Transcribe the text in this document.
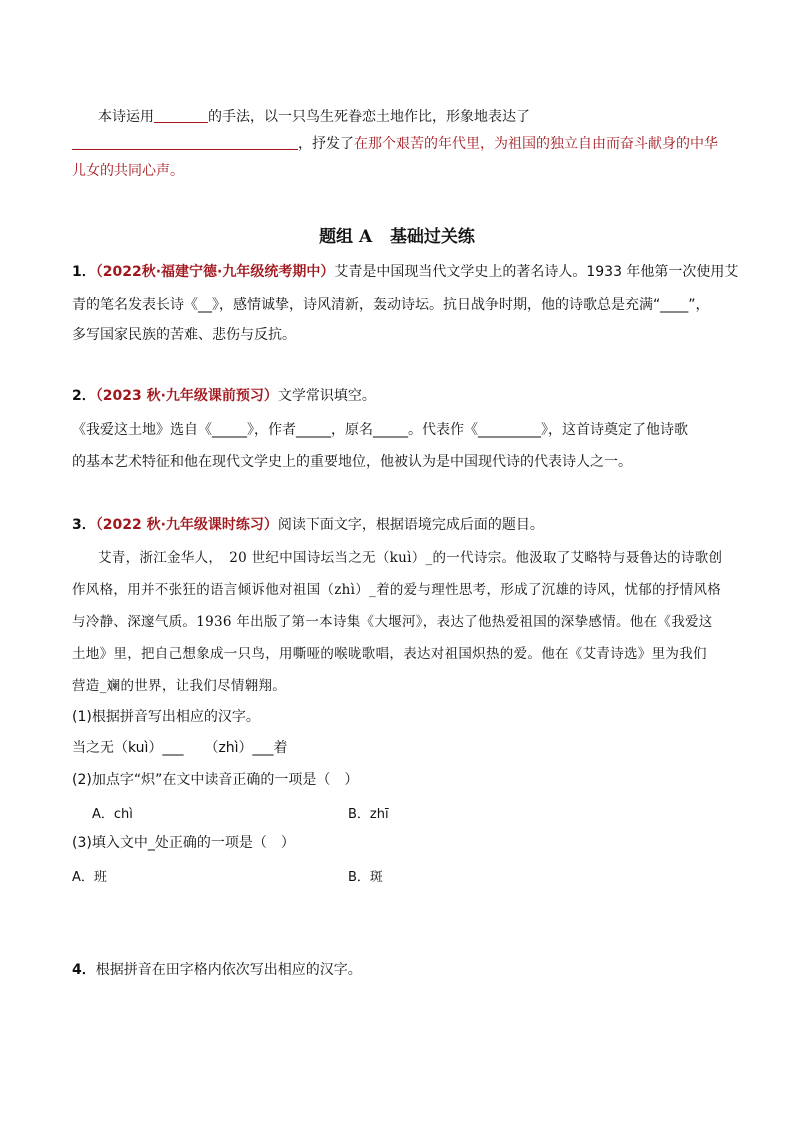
本诗运用	的手法，以一只鸟生死眷恋土地作比，形象地表达了
，抒发了在那个艰苦的年代里，为祖国的独立自由而奋斗献身的中华
儿女的共同心声。
题组 A 基础过关练
1．（2022秋·福建宁德·九年级统考期中）艾青是中国现当代文学史上的著名诗人。1933 年他第一次使用艾
青的笔名发表长诗《__》，感情诚挚，诗风清新，轰动诗坛。抗日战争时期，他的诗歌总是充满“____”，
多写国家民族的苦难、悲伤与反抗。
2．（2023 秋·九年级课前预习）文学常识填空。
《我爱这土地》选自《_____》，作者_____，原名_____。代表作《_________》，这首诗奠定了他诗歌
的基本艺术特征和他在现代文学史上的重要地位，他被认为是中国现代诗的代表诗人之一。
3．（2022 秋·九年级课时练习）阅读下面文字，根据语境完成后面的题目。
艾青，浙江金华人，　20 世纪中国诗坛当之无（kuì）_的一代诗宗。他汲取了艾略特与聂鲁达的诗歌创
作风格，用并不张狂的语言倾诉他对祖国（zhì）_着的爱与理性思考，形成了沉雄的诗风，忧郁的抒情风格
与冷静、深邃气质。1936 年出版了第一本诗集《大堰河》，表达了他热爱祖国的深挚感情。他在《我爱这
土地》里，把自己想象成一只鸟，用嘶哑的喉咙歌唱，表达对祖国炽热的爱。他在《艾青诗选》里为我们
营造_斓的世界，让我们尽情翱翔。
(1)根据拼音写出相应的汉字。
当之无（kuì）___　　（zhì）___着
(2)加点字“炽”在文中读音正确的一项是（　）
A．chì	B．zhī
(3)填入文中_处正确的一项是（　）
A．班	B．斑
4．根据拼音在田字格内依次写出相应的汉字。
